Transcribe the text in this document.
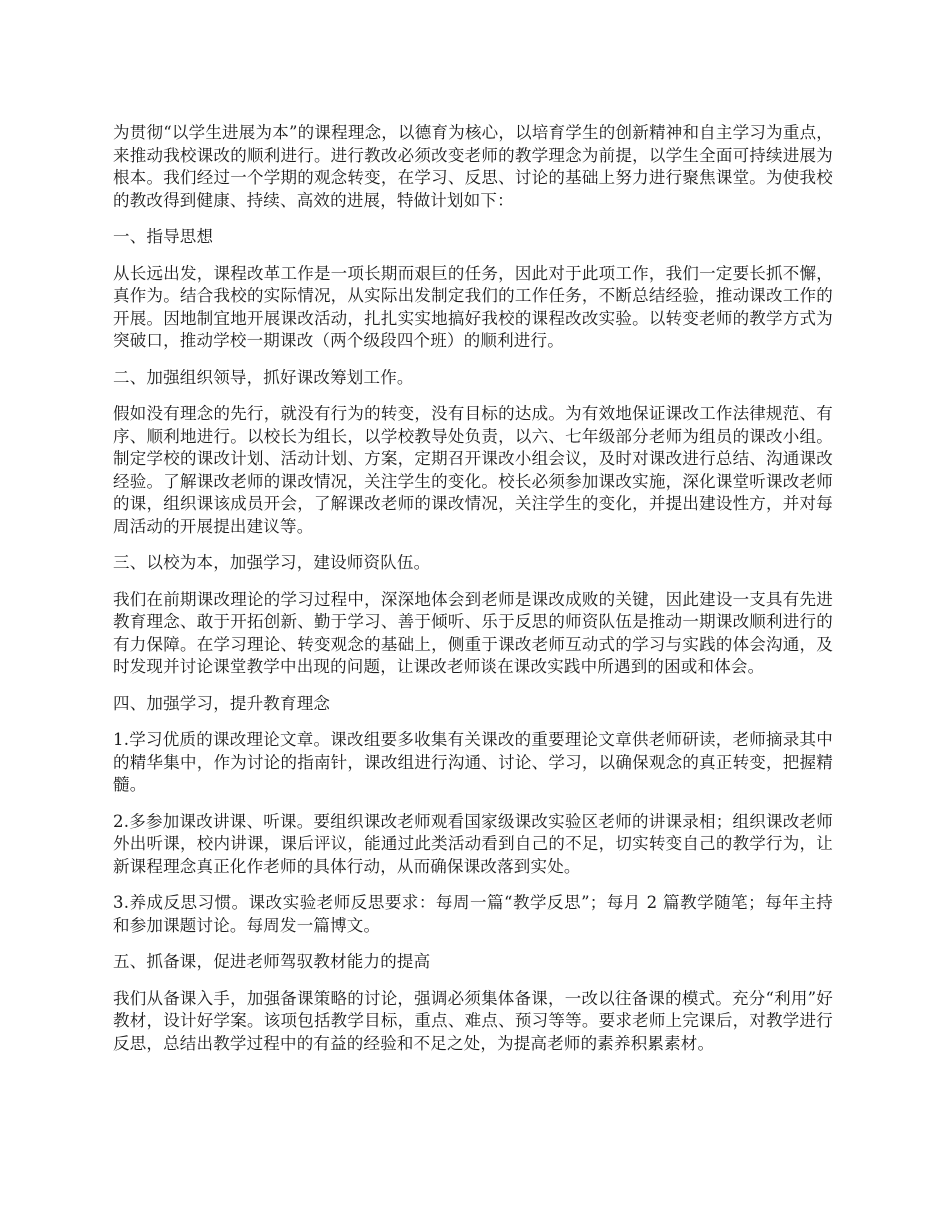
为贯彻“以学生进展为本”的课程理念，以德育为核心，以培育学生的创新精神和自主学习为重点，来推动我校课改的顺利进行。进行教改必须改变老师的教学理念为前提，以学生全面可持续进展为根本。我们经过一个学期的观念转变，在学习、反思、讨论的基础上努力进行聚焦课堂。为使我校的教改得到健康、持续、高效的进展，特做计划如下：

一、指导思想

从长远出发，课程改革工作是一项长期而艰巨的任务，因此对于此项工作，我们一定要长抓不懈，真作为。结合我校的实际情况，从实际出发制定我们的工作任务，不断总结经验，推动课改工作的开展。因地制宜地开展课改活动，扎扎实实地搞好我校的课程改改实验。以转变老师的教学方式为突破口，推动学校一期课改（两个级段四个班）的顺利进行。

二、加强组织领导，抓好课改筹划工作。

假如没有理念的先行，就没有行为的转变，没有目标的达成。为有效地保证课改工作法律规范、有序、顺利地进行。以校长为组长，以学校教导处负责，以六、七年级部分老师为组员的课改小组。制定学校的课改计划、活动计划、方案，定期召开课改小组会议，及时对课改进行总结、沟通课改经验。了解课改老师的课改情况，关注学生的变化。校长必须参加课改实施，深化课堂听课改老师的课，组织课该成员开会，了解课改老师的课改情况，关注学生的变化，并提出建设性方，并对每周活动的开展提出建议等。

三、以校为本，加强学习，建设师资队伍。

我们在前期课改理论的学习过程中，深深地体会到老师是课改成败的关键，因此建设一支具有先进教育理念、敢于开拓创新、勤于学习、善于倾听、乐于反思的师资队伍是推动一期课改顺利进行的有力保障。在学习理论、转变观念的基础上，侧重于课改老师互动式的学习与实践的体会沟通，及时发现并讨论课堂教学中出现的问题，让课改老师谈在课改实践中所遇到的困或和体会。

四、加强学习，提升教育理念

1.学习优质的课改理论文章。课改组要多收集有关课改的重要理论文章供老师研读，老师摘录其中的精华集中，作为讨论的指南针，课改组进行沟通、讨论、学习，以确保观念的真正转变，把握精髓。

2.多参加课改讲课、听课。要组织课改老师观看国家级课改实验区老师的讲课录相；组织课改老师外出听课，校内讲课，课后评议，能通过此类活动看到自己的不足，切实转变自己的教学行为，让新课程理念真正化作老师的具体行动，从而确保课改落到实处。

3.养成反思习惯。课改实验老师反思要求：每周一篇“教学反思”；每月 2 篇教学随笔；每年主持和参加课题讨论。每周发一篇博文。

五、抓备课，促进老师驾驭教材能力的提高

我们从备课入手，加强备课策略的讨论，强调必须集体备课，一改以往备课的模式。充分“利用”好教材，设计好学案。该项包括教学目标，重点、难点、预习等等。要求老师上完课后，对教学进行反思，总结出教学过程中的有益的经验和不足之处，为提高老师的素养积累素材。
